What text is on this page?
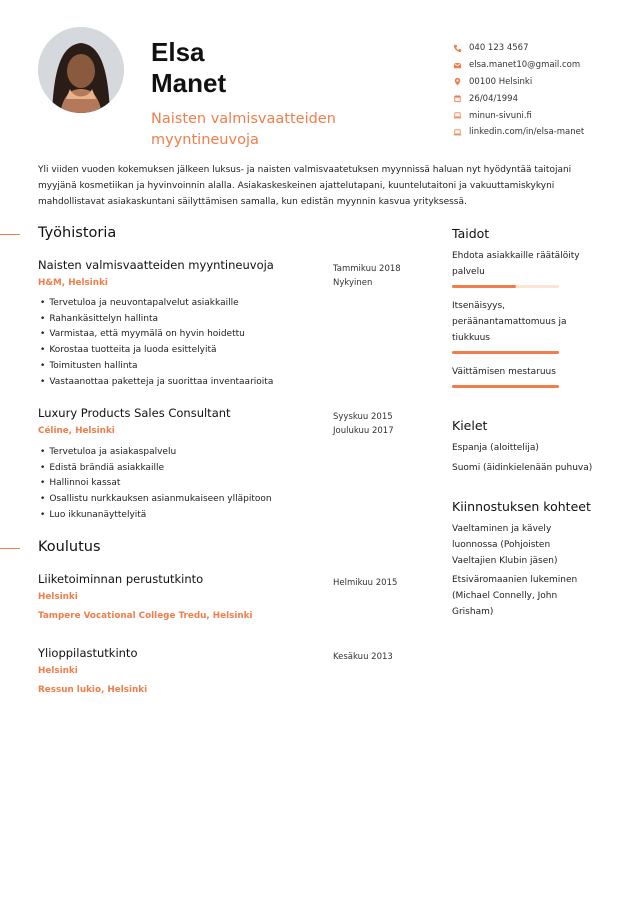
Elsa
Manet
Naisten valmisvaatteiden myyntineuvoja
040 123 4567
elsa.manet10@gmail.com
00100 Helsinki
26/04/1994
minun-sivuni.fi
linkedin.com/in/elsa-manet
Yli viiden vuoden kokemuksen jälkeen luksus- ja naisten valmisvaatetuksen myynnissä haluan nyt hyödyntää taitojani myyjänä kosmetiikan ja hyvinvoinnin alalla. Asiakaskeskeinen ajattelutapani, kuuntelutaitoni ja vakuuttamiskykyni mahdollistavat asiakaskuntani säilyttämisen samalla, kun edistän myynnin kasvua yrityksessä.
Työhistoria
Naisten valmisvaatteiden myyntineuvoja
H&M, Helsinki
Tammikuu 2018
Nykyinen
• Tervetuloa ja neuvontapalvelut asiakkaille
• Rahankäsittelyn hallinta
• Varmistaa, että myymälä on hyvin hoidettu
• Korostaa tuotteita ja luoda esittelyitä
• Toimitusten hallinta
• Vastaanottaa paketteja ja suorittaa inventaarioita
Luxury Products Sales Consultant
Céline, Helsinki
Syyskuu 2015
Joulukuu 2017
• Tervetuloa ja asiakaspalvelu
• Edistä brändiä asiakkaille
• Hallinnoi kassat
• Osallistu nurkkauksen asianmukaiseen ylläpitoon
• Luo ikkunanäyttelyitä
Koulutus
Liiketoiminnan perustutkinto
Helsinki
Tampere Vocational College Tredu, Helsinki
Helmikuu 2015
Ylioppilastutkinto
Helsinki
Ressun lukio, Helsinki
Kesäkuu 2013
Taidot
Ehdota asiakkaille räätälöity palvelu
Itsenäisyys, peräänantamattomuus ja tiukkuus
Väittämisen mestaruus
Kielet
Espanja (aloittelija)
Suomi (äidinkielenään puhuva)
Kiinnostuksen kohteet
Vaeltaminen ja kävely luonnossa (Pohjoisten Vaeltajien Klubin jäsen)
Etsiväromaanien lukeminen (Michael Connelly, John Grisham)
